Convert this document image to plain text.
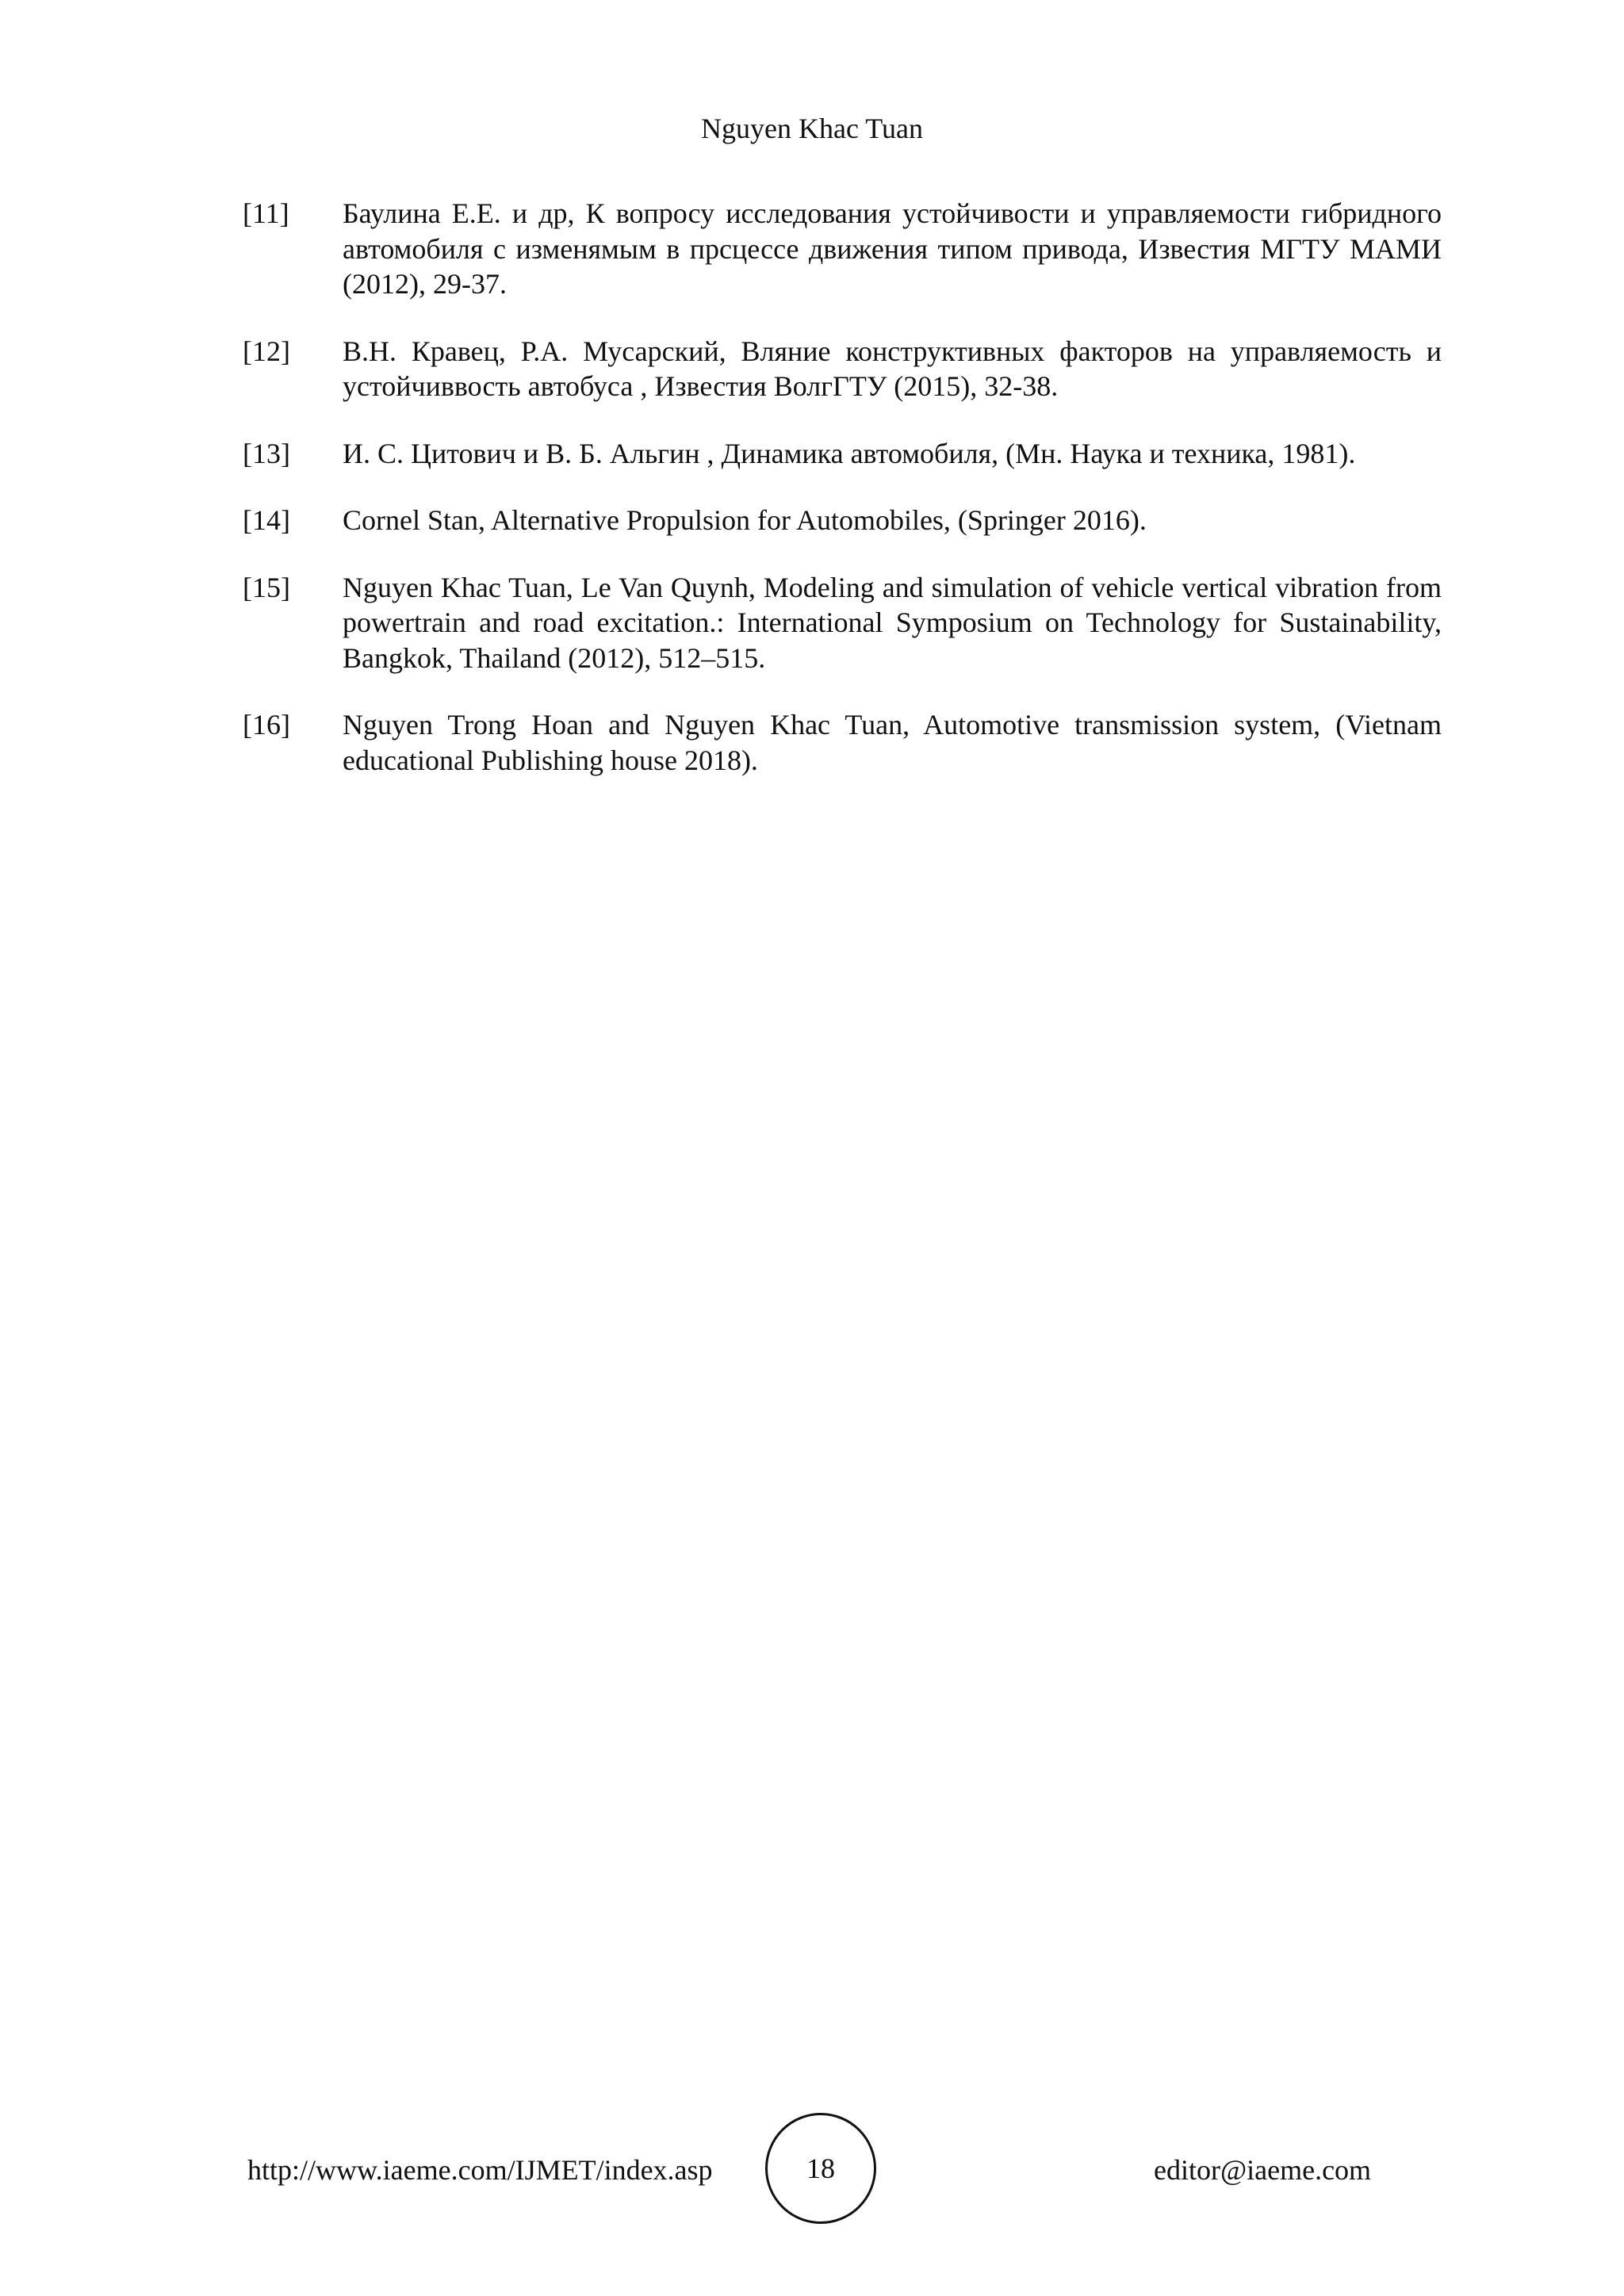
Nguyen Khac Tuan
[11]	Баулина Е.Е. и др, К вопросу исследования устойчивости и управляемости гибридного автомобиля с изменямым в прсцессе движения типом привода, Известия МГТУ МАМИ (2012), 29-37.
[12]	В.Н. Кравец, Р.А. Мусарский, Вляние конструктивных факторов на управляемость и устойчиввость автобуса , Известия ВолгГТУ (2015), 32-38.
[13]	И. С. Цитович и В. Б. Альгин , Динамика автомобиля, (Мн. Наука и техника, 1981).
[14]	Cornel Stan, Alternative Propulsion for Automobiles, (Springer 2016).
[15]	Nguyen Khac Tuan, Le Van Quynh, Modeling and simulation of vehicle vertical vibration from powertrain and road excitation.: International Symposium on Technology for Sustainability, Bangkok, Thailand (2012), 512–515.
[16]	Nguyen Trong Hoan and Nguyen Khac Tuan, Automotive transmission system, (Vietnam educational Publishing house 2018).
http://www.iaeme.com/IJMET/index.asp	18	editor@iaeme.com
